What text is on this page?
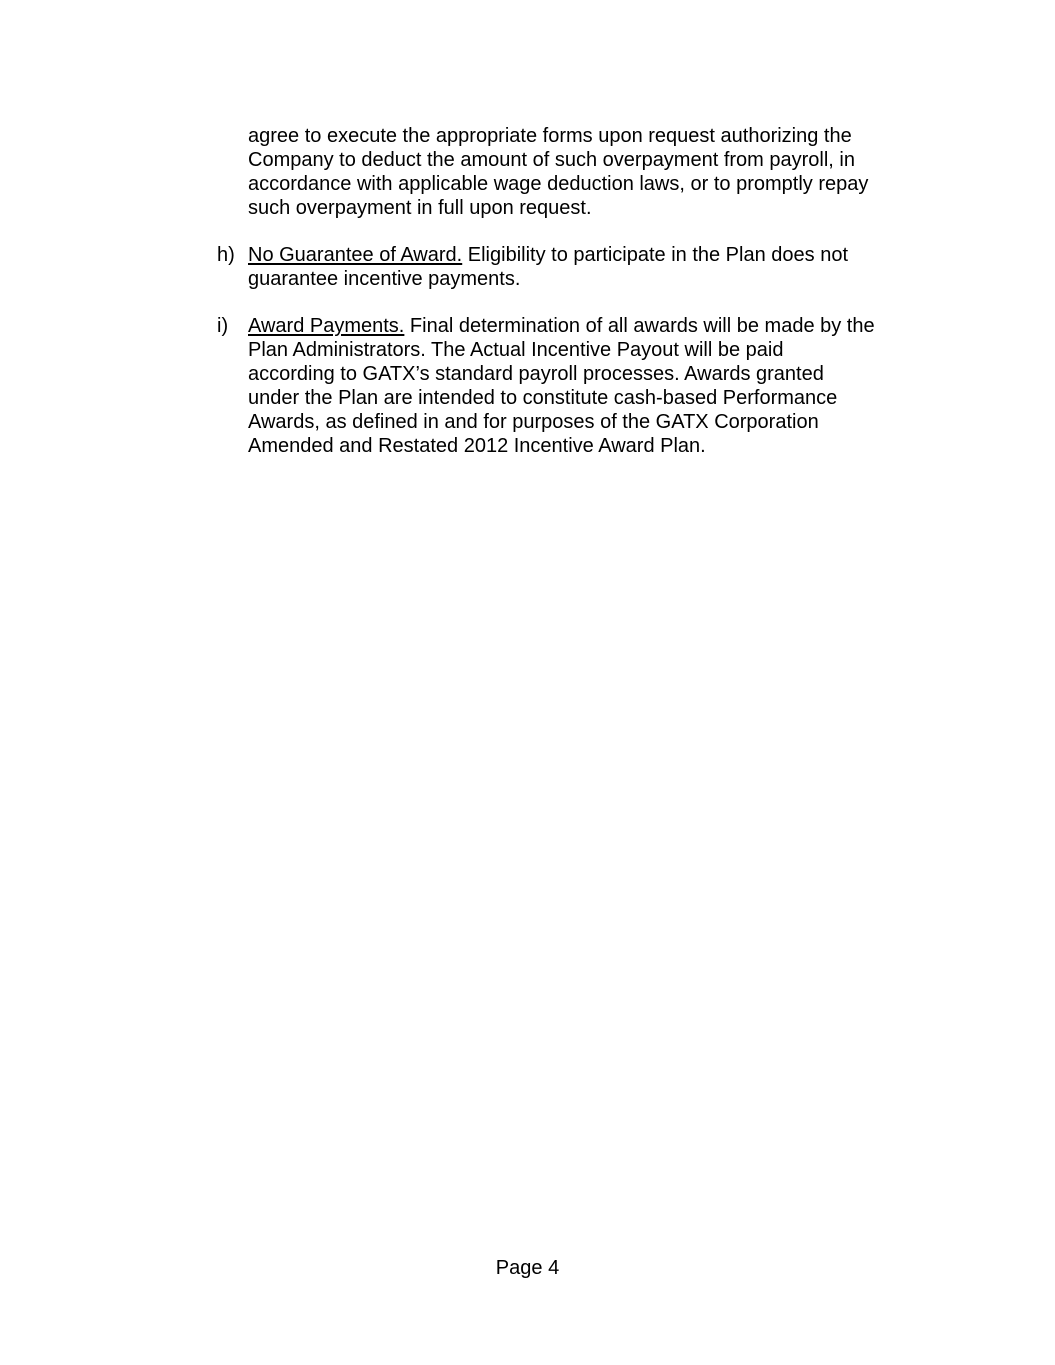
agree to execute the appropriate forms upon request authorizing the
Company to deduct the amount of such overpayment from payroll, in
accordance with applicable wage deduction laws, or to promptly repay
such overpayment in full upon request.
h) No Guarantee of Award. Eligibility to participate in the Plan does not
guarantee incentive payments.
i) Award Payments. Final determination of all awards will be made by the
Plan Administrators. The Actual Incentive Payout will be paid
according to GATX’s standard payroll processes. Awards granted
under the Plan are intended to constitute cash-based Performance
Awards, as defined in and for purposes of the GATX Corporation
Amended and Restated 2012 Incentive Award Plan.
Page 4
